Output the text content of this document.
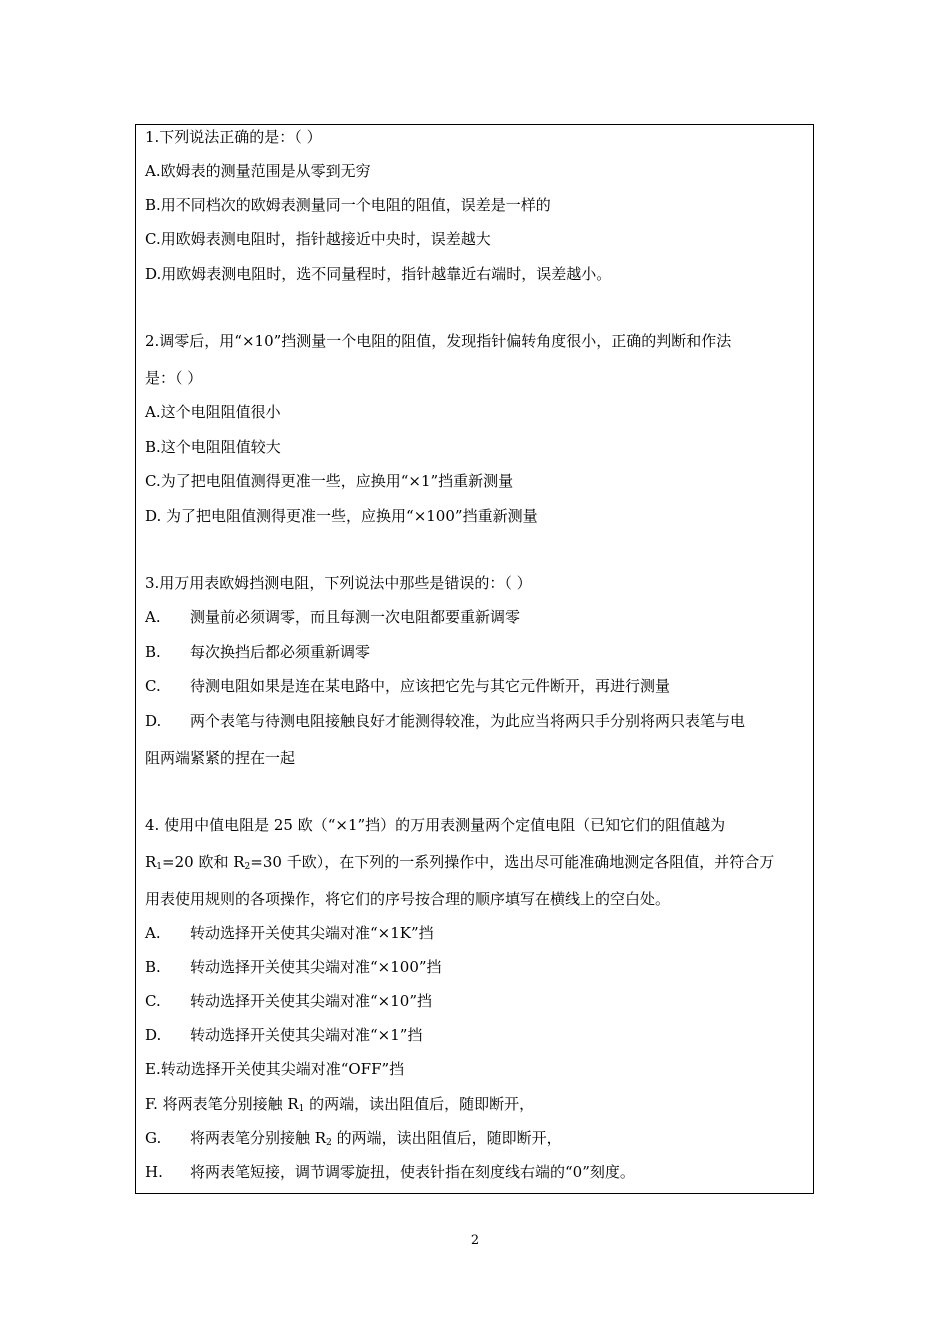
1.下列说法正确的是：（ ）
A.欧姆表的测量范围是从零到无穷
B.用不同档次的欧姆表测量同一个电阻的阻值，误差是一样的
C.用欧姆表测电阻时，指针越接近中央时，误差越大
D.用欧姆表测电阻时，选不同量程时，指针越靠近右端时，误差越小。
2.调零后，用“×10”挡测量一个电阻的阻值，发现指针偏转角度很小，正确的判断和作法
是：（ ）
A.这个电阻阻值很小
B.这个电阻阻值较大
C.为了把电阻值测得更准一些，应换用“×1”挡重新测量
D. 为了把电阻值测得更准一些，应换用“×100”挡重新测量
3.用万用表欧姆挡测电阻，下列说法中那些是错误的：（ ）
A. 测量前必须调零，而且每测一次电阻都要重新调零
B. 每次换挡后都必须重新调零
C. 待测电阻如果是连在某电路中，应该把它先与其它元件断开，再进行测量
D. 两个表笔与待测电阻接触良好才能测得较准，为此应当将两只手分别将两只表笔与电
阻两端紧紧的捏在一起
4. 使用中值电阻是 25 欧（“×1”挡）的万用表测量两个定值电阻（已知它们的阻值越为
$R_1=20$ 欧和 $R_2=30$ 千欧），在下列的一系列操作中，选出尽可能准确地测定各阻值，并符合万
用表使用规则的各项操作，将它们的序号按合理的顺序填写在横线上的空白处。
A. 转动选择开关使其尖端对准“×1K”挡
B. 转动选择开关使其尖端对准“×100”挡
C. 转动选择开关使其尖端对准“×10”挡
D. 转动选择开关使其尖端对准“×1”挡
E.转动选择开关使其尖端对准“OFF”挡
F. 将两表笔分别接触 $R_1$ 的两端，读出阻值后，随即断开，
G. 将两表笔分别接触 $R_2$ 的两端，读出阻值后，随即断开，
H. 将两表笔短接，调节调零旋扭，使表针指在刻度线右端的“0”刻度。
2
